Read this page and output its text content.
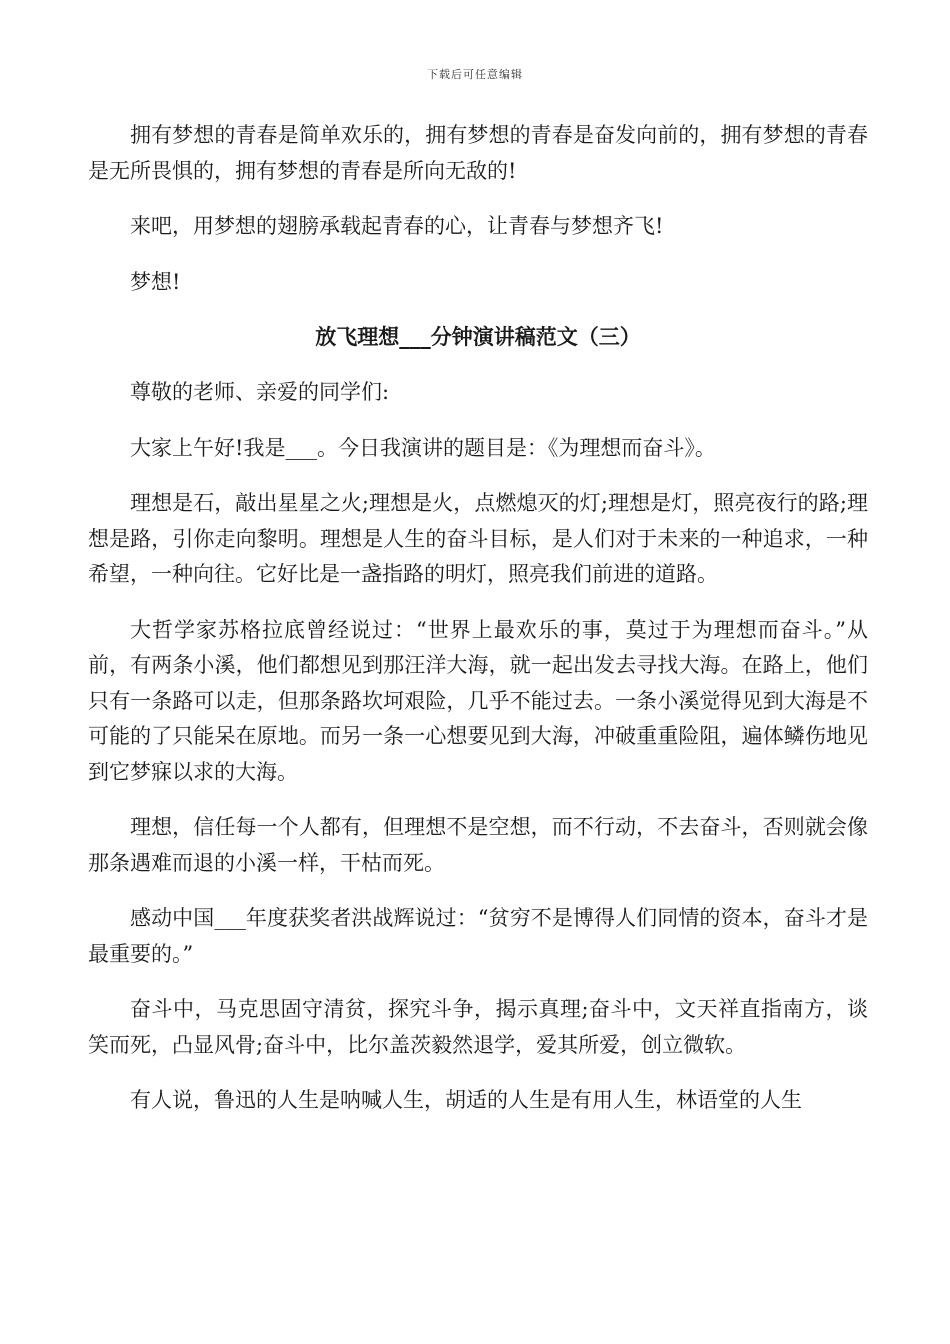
下载后可任意编辑

拥有梦想的青春是简单欢乐的，拥有梦想的青春是奋发向前的，拥有梦想的青春是无所畏惧的，拥有梦想的青春是所向无敌的!

来吧，用梦想的翅膀承载起青春的心，让青春与梦想齐飞!

梦想!

放飞理想___分钟演讲稿范文（三）

尊敬的老师、亲爱的同学们:

大家上午好!我是___。今日我演讲的题目是：《为理想而奋斗》。

理想是石，敲出星星之火;理想是火，点燃熄灭的灯;理想是灯，照亮夜行的路;理想是路，引你走向黎明。理想是人生的奋斗目标，是人们对于未来的一种追求，一种希望，一种向往。它好比是一盏指路的明灯，照亮我们前进的道路。

大哲学家苏格拉底曾经说过：“世界上最欢乐的事，莫过于为理想而奋斗。”从前，有两条小溪，他们都想见到那汪洋大海，就一起出发去寻找大海。在路上，他们只有一条路可以走，但那条路坎坷艰险，几乎不能过去。一条小溪觉得见到大海是不可能的了只能呆在原地。而另一条一心想要见到大海，冲破重重险阻，遍体鳞伤地见到它梦寐以求的大海。

理想，信任每一个人都有，但理想不是空想，而不行动，不去奋斗，否则就会像那条遇难而退的小溪一样，干枯而死。

感动中国___年度获奖者洪战辉说过：“贫穷不是博得人们同情的资本，奋斗才是最重要的。”

奋斗中，马克思固守清贫，探究斗争，揭示真理;奋斗中，文天祥直指南方，谈笑而死，凸显风骨;奋斗中，比尔盖茨毅然退学，爱其所爱，创立微软。

有人说，鲁迅的人生是呐喊人生，胡适的人生是有用人生，林语堂的人生
